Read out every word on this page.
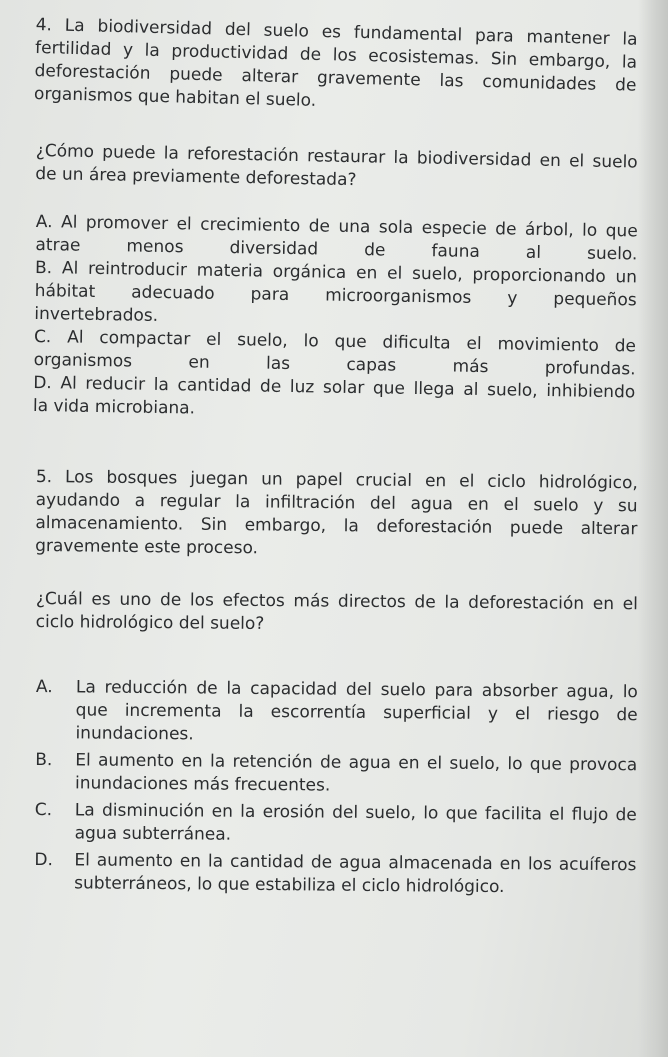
4. La biodiversidad del suelo es fundamental para mantener la fertilidad y la productividad de los ecosistemas. Sin embargo, la deforestación puede alterar gravemente las comunidades de organismos que habitan el suelo.
¿Cómo puede la reforestación restaurar la biodiversidad en el suelo de un área previamente deforestada?
A. Al promover el crecimiento de una sola especie de árbol, lo que
atrae menos diversidad de fauna al suelo.
B. Al reintroducir materia orgánica en el suelo, proporcionando un
hábitat adecuado para microorganismos y pequeños
invertebrados.
C. Al compactar el suelo, lo que dificulta el movimiento de
organismos en las capas más profundas.
D. Al reducir la cantidad de luz solar que llega al suelo, inhibiendo
la vida microbiana.
5. Los bosques juegan un papel crucial en el ciclo hidrológico, ayudando a regular la infiltración del agua en el suelo y su almacenamiento. Sin embargo, la deforestación puede alterar gravemente este proceso.
¿Cuál es uno de los efectos más directos de la deforestación en el ciclo hidrológico del suelo?
A.	La reducción de la capacidad del suelo para absorber agua, lo que incrementa la escorrentía superficial y el riesgo de inundaciones.
B.	El aumento en la retención de agua en el suelo, lo que provoca inundaciones más frecuentes.
C.	La disminución en la erosión del suelo, lo que facilita el flujo de agua subterránea.
D.	El aumento en la cantidad de agua almacenada en los acuíferos subterráneos, lo que estabiliza el ciclo hidrológico.
